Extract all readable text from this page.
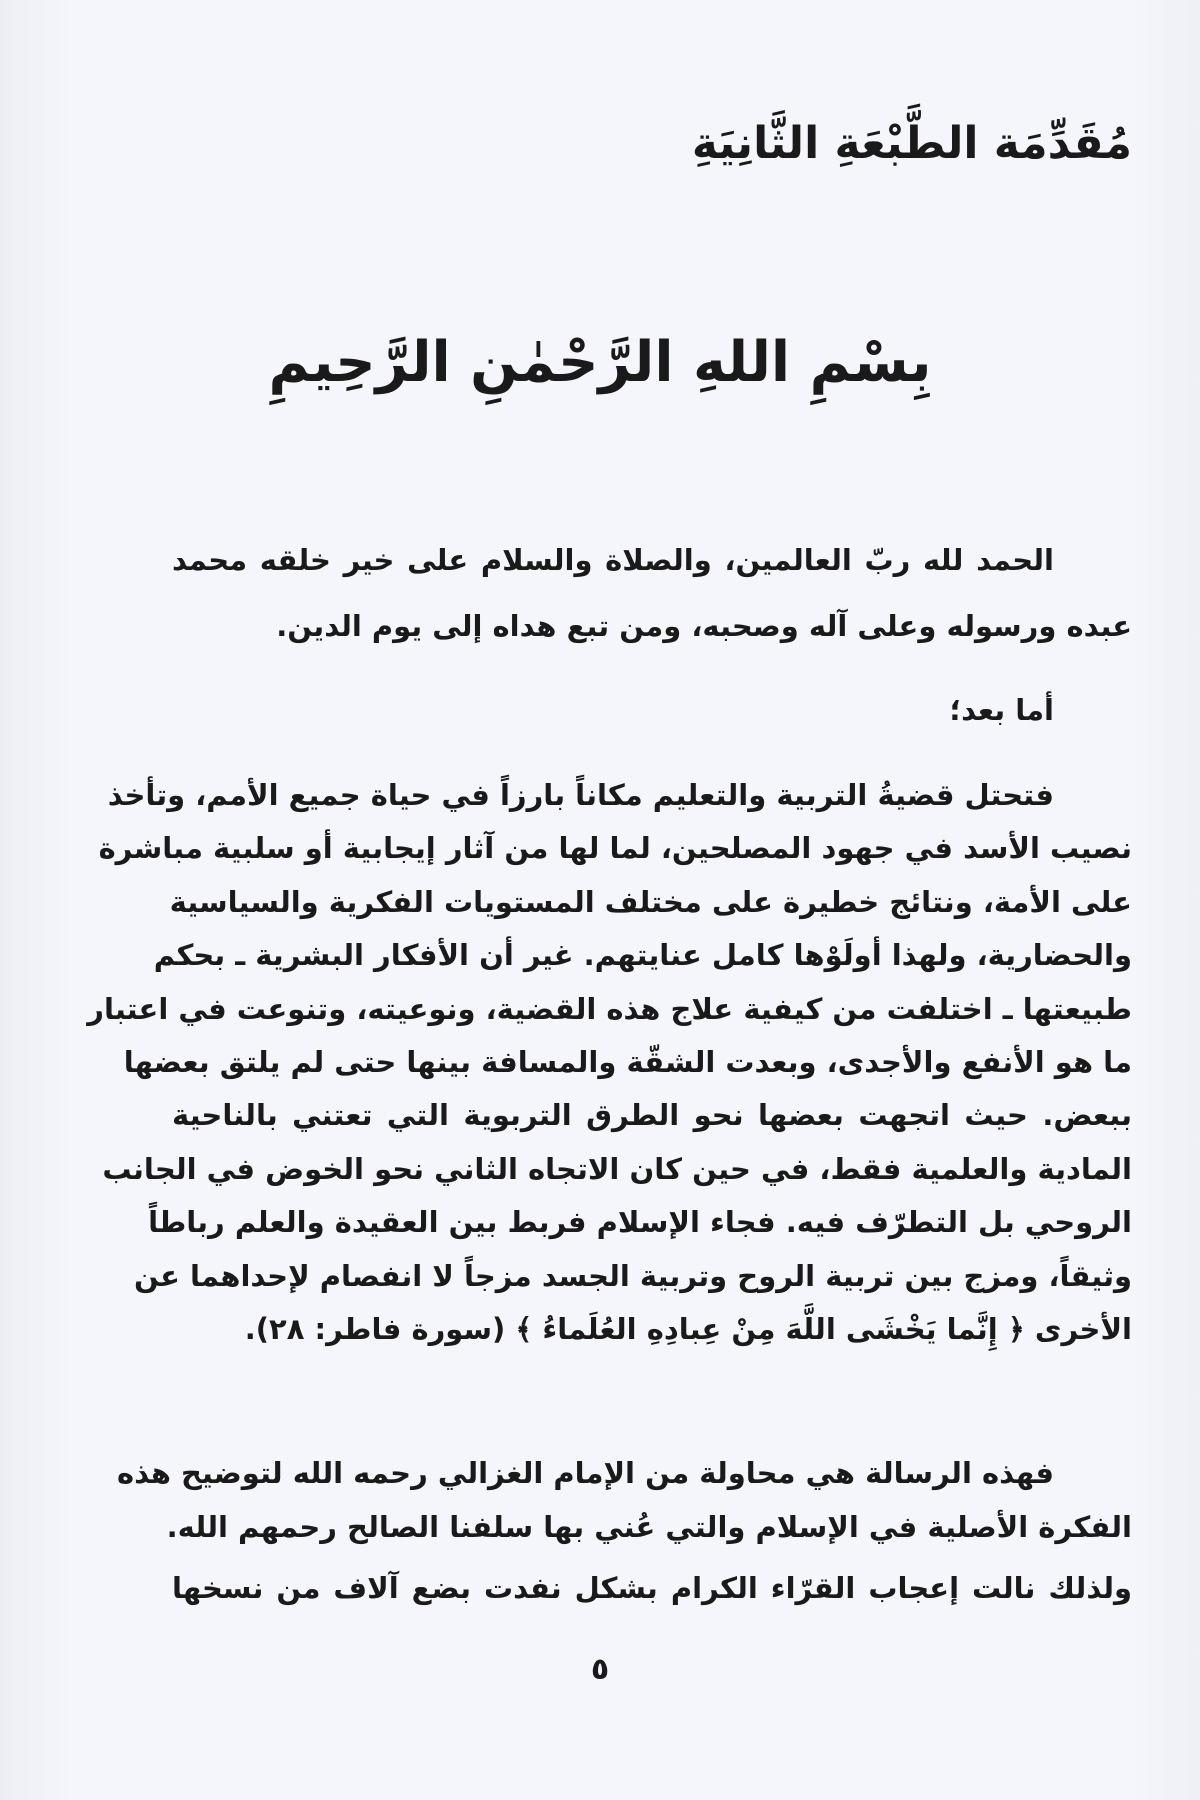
مُقَدِّمَة الطَّبْعَةِ الثَّانِيَةِ
بِسْمِ اللهِ الرَّحْمٰنِ الرَّحِيمِ
الحمد لله ربّ العالمين، والصلاة والسلام على خير خلقه محمد
عبده ورسوله وعلى آله وصحبه، ومن تبع هداه إلى يوم الدين.
أما بعد؛
فتحتل قضيةُ التربية والتعليم مكاناً بارزاً في حياة جميع الأمم، وتأخذ
نصيب الأسد في جهود المصلحين، لما لها من آثار إيجابية أو سلبية مباشرة
على الأمة، ونتائج خطيرة على مختلف المستويات الفكرية والسياسية
والحضارية، ولهذا أولَوْها كامل عنايتهم. غير أن الأفكار البشرية ـ بحكم
طبيعتها ـ اختلفت من كيفية علاج هذه القضية، ونوعيته، وتنوعت في اعتبار
ما هو الأنفع والأجدى، وبعدت الشقّة والمسافة بينها حتى لم يلتق بعضها
ببعض. حيث اتجهت بعضها نحو الطرق التربوية التي تعتني بالناحية
المادية والعلمية فقط، في حين كان الاتجاه الثاني نحو الخوض في الجانب
الروحي بل التطرّف فيه. فجاء الإسلام فربط بين العقيدة والعلم رباطاً
وثيقاً، ومزج بين تربية الروح وتربية الجسد مزجاً لا انفصام لإحداهما عن
الأخرى ﴿ إِنَّما يَخْشَى اللَّهَ مِنْ عِبادِهِ العُلَماءُ ﴾ (سورة فاطر: ٢٨).
فهذه الرسالة هي محاولة من الإمام الغزالي رحمه الله لتوضيح هذه
الفكرة الأصلية في الإسلام والتي عُني بها سلفنا الصالح رحمهم الله.
ولذلك نالت إعجاب القرّاء الكرام بشكل نفدت بضع آلاف من نسخها
٥
